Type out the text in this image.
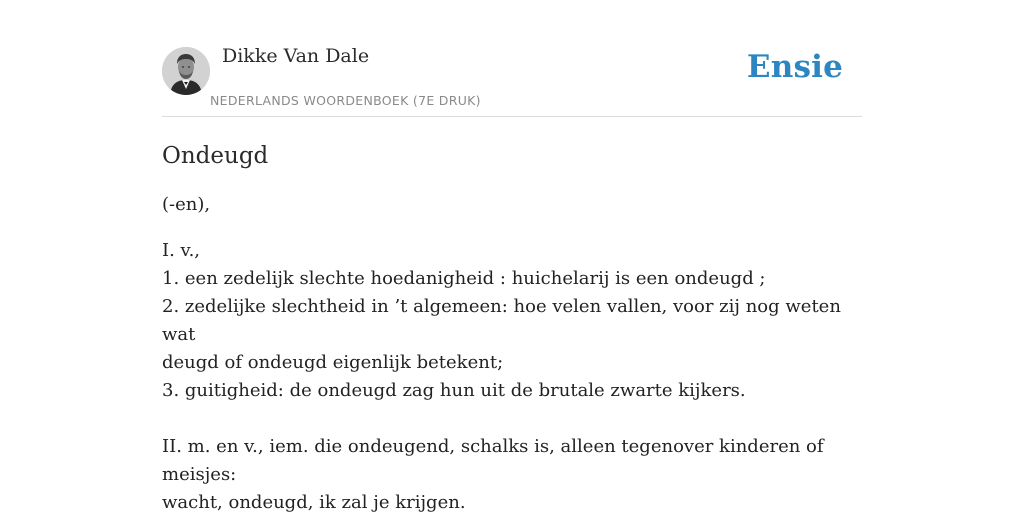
Dikke Van Dale
NEDERLANDS WOORDENBOEK (7E DRUK)
Ensie
Ondeugd

(-en),

I. v.,

1. een zedelijk slechte hoedanigheid : huichelarij is een ondeugd ;

2. zedelijke slechtheid in ’t algemeen: hoe velen vallen, voor zij nog weten wat

deugd of ondeugd eigenlijk betekent;

3. guitigheid: de ondeugd zag hun uit de brutale zwarte kijkers.

II. m. en v., iem. die ondeugend, schalks is, alleen tegenover kinderen of meisjes:

wacht, ondeugd, ik zal je krijgen.
